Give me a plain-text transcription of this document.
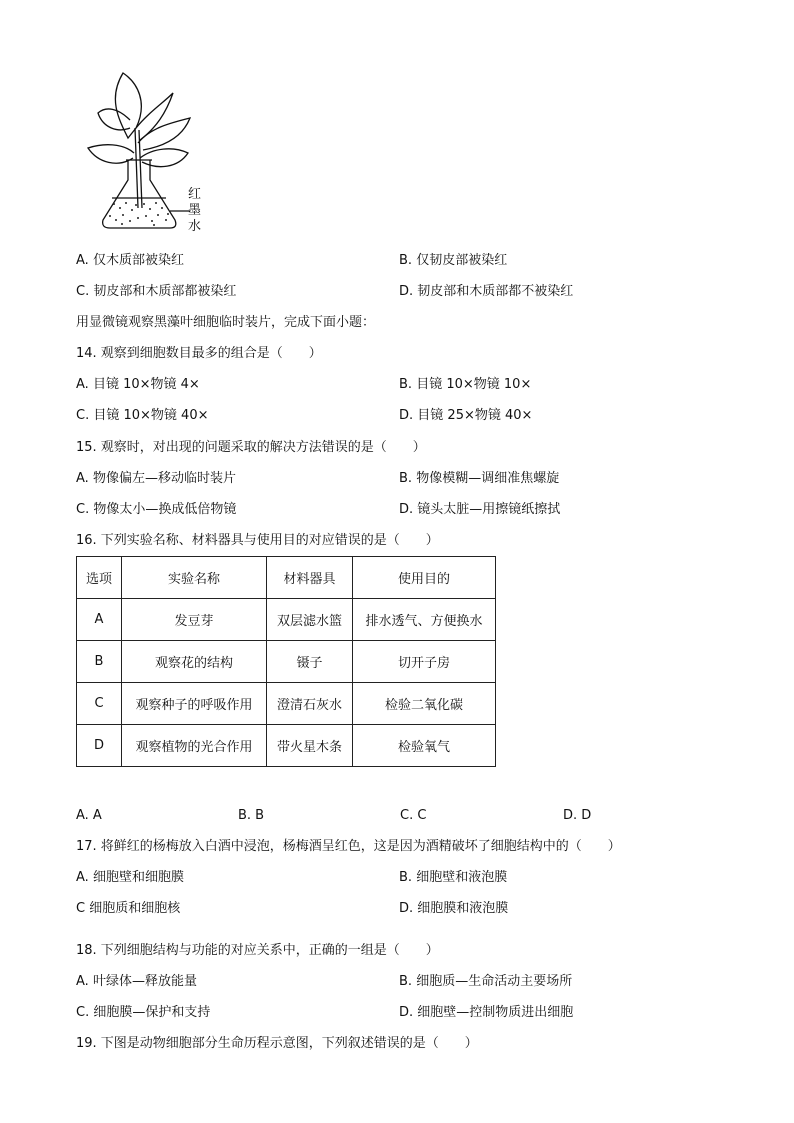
红
墨
水
A. 仅木质部被染红	B. 仅韧皮部被染红
C. 韧皮部和木质部都被染红	D. 韧皮部和木质部都不被染红
用显微镜观察黑藻叶细胞临时装片，完成下面小题：
14. 观察到细胞数目最多的组合是（　　）
A. 目镜 10×物镜 4×	B. 目镜 10×物镜 10×
C. 目镜 10×物镜 40×	D. 目镜 25×物镜 40×
15. 观察时，对出现的问题采取的解决方法错误的是（　　）
A. 物像偏左—移动临时装片	B. 物像模糊—调细准焦螺旋
C. 物像太小—换成低倍物镜	D. 镜头太脏—用擦镜纸擦拭
16. 下列实验名称、材料器具与使用目的对应错误的是（　　）
选项	实验名称	材料器具	使用目的
A	发豆芽	双层滤水篮	排水透气、方便换水
B	观察花的结构	镊子	切开子房
C	观察种子的呼吸作用	澄清石灰水	检验二氧化碳
D	观察植物的光合作用	带火星木条	检验氧气
A. A	B. B	C. C	D. D
17. 将鲜红的杨梅放入白酒中浸泡，杨梅酒呈红色，这是因为酒精破坏了细胞结构中的（　　）
A. 细胞壁和细胞膜	B. 细胞壁和液泡膜
C 细胞质和细胞核	D. 细胞膜和液泡膜
18. 下列细胞结构与功能的对应关系中，正确的一组是（　　）
A. 叶绿体—释放能量	B. 细胞质—生命活动主要场所
C. 细胞膜—保护和支持	D. 细胞壁—控制物质进出细胞
19. 下图是动物细胞部分生命历程示意图，下列叙述错误的是（　　）
